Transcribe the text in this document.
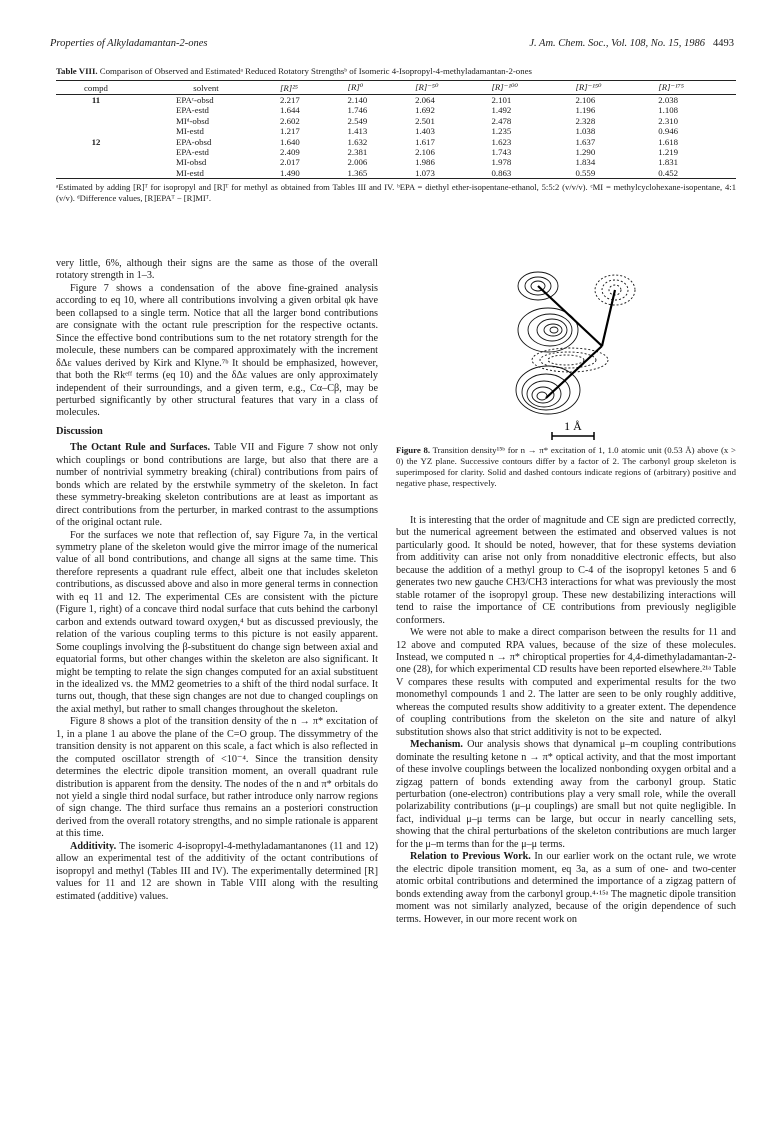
Properties of Alkyladamantan-2-ones	J. Am. Chem. Soc., Vol. 108, No. 15, 1986 4493
Table VIII. Comparison of Observed and Estimatedᵃ Reduced Rotatory Strengthsᵇ of Isomeric 4-Isopropyl-4-methyladamantan-2-ones
compd	solvent	[R]²⁵	[R]⁰	[R]⁻⁵⁰	[R]⁻¹⁰⁰	[R]⁻¹⁵⁰	[R]⁻¹⁷⁵
11	EPAᶜ-obsd	2.217	2.140	2.064	2.101	2.106	2.038
	EPA-estd	1.644	1.746	1.692	1.492	1.196	1.108
	MIᵈ-obsd	2.602	2.549	2.501	2.478	2.328	2.310
	MI-estd	1.217	1.413	1.403	1.235	1.038	0.946
12	EPA-obsd	1.640	1.632	1.617	1.623	1.637	1.618
	EPA-estd	2.409	2.381	2.106	1.743	1.290	1.219
	MI-obsd	2.017	2.006	1.986	1.978	1.834	1.831
	MI-estd	1.490	1.365	1.073	0.863	0.559	0.452
ᵃEstimated by adding [R]ᵀ for isopropyl and [R]ᵀ for methyl as obtained from Tables III and IV. ᵇEPA = diethyl ether-isopentane-ethanol, 5:5:2 (v/v/v). ᶜMI = methylcyclohexane-isopentane, 4:1 (v/v). ᵈDifference values, [R]EPAᵀ − [R]MIᵀ.

very little, 6%, although their signs are the same as those of the overall rotatory strength in 1–3.

Figure 7 shows a condensation of the above fine-grained analysis according to eq 10, where all contributions involving a given orbital φk have been collapsed to a single term. Notice that all the larger bond contributions are consignate with the octant rule prescription for the respective octants. Since the effective bond contributions sum to the net rotatory strength for the molecule, these numbers can be compared approximately with the increment δΔε values derived by Kirk and Klyne.⁷ᵇ It should be emphasized, however, that both the Rkᵉᶠᶠ terms (eq 10) and the δΔε values are only approximately independent of their surroundings, and a given term, e.g., Cα–Cβ, may be perturbed significantly by other structural features that vary in a class of molecules.

Discussion

The Octant Rule and Surfaces. Table VII and Figure 7 show not only which couplings or bond contributions are large, but also that there are a number of nontrivial symmetry breaking (chiral) contributions from pairs of bonds which are related by the erstwhile symmetry of the skeleton. In fact these symmetry-breaking skeleton contributions are at least as important as direct contributions from the perturber, in marked contrast to the assumptions of the original octant rule.

For the surfaces we note that reflection of, say Figure 7a, in the vertical symmetry plane of the skeleton would give the mirror image of the numerical value of all bond contributions, and change all signs at the same time. This therefore represents a quadrant rule effect, albeit one that includes skeleton contributions, as discussed above and also in more general terms in connection with eq 11 and 12. The experimental CEs are consistent with the picture (Figure 1, right) of a concave third nodal surface that cuts behind the carbonyl carbon and extends outward toward oxygen,⁴ but as discussed previously, the relation of the various coupling terms to this picture is not easily apparent. Some couplings involving the β-substituent do change sign between axial and equatorial forms, but other changes within the skeleton are also significant. It might be tempting to relate the sign changes computed for an axial substituent in the idealized vs. the MM2 geometries to a shift of the third nodal surface. It turns out, though, that these sign changes are not due to changed couplings on the axial methyl, but rather to small changes throughout the skeleton.

Figure 8 shows a plot of the transition density of the n → π* excitation of 1, in a plane 1 au above the plane of the C=O group. The dissymmetry of the transition density is not apparent on this scale, a fact which is also reflected in the computed oscillator strength of <10⁻⁴. Since the transition density determines the electric dipole transition moment, an overall quadrant rule distribution is apparent from the density. The nodes of the n and π* orbitals do not yield a single third nodal surface, but rather introduce only narrow regions of sign change. The third surface thus remains an a posteriori construction derived from the overall rotatory strengths, and no simple rationale is apparent at this time.

Additivity. The isomeric 4-isopropyl-4-methyladamantanones (11 and 12) allow an experimental test of the additivity of the octant contributions of isopropyl and methyl (Tables III and IV). The experimentally determined [R] values for 11 and 12 are shown in Table VIII along with the resulting estimated (additive) values.

1 Å
Figure 8. Transition density¹⁵ᵇ for n → π* excitation of 1, 1.0 atomic unit (0.53 Å) above (x > 0) the YZ plane. Successive contours differ by a factor of 2. The carbonyl group skeleton is superimposed for clarity. Solid and dashed contours indicate regions of (arbitrary) positive and negative phase, respectively.

It is interesting that the order of magnitude and CE sign are predicted correctly, but the numerical agreement between the estimated and observed values is not particularly good. It should be noted, however, that for these systems deviation from additivity can arise not only from nonadditive electronic effects, but also because the addition of a methyl group to C-4 of the isopropyl ketones 5 and 6 generates two new gauche CH3/CH3 interactions for what was previously the most stable rotamer of the isopropyl group. These new destabilizing interactions will tend to raise the importance of CE contributions from previously negligible conformers.

We were not able to make a direct comparison between the results for 11 and 12 above and computed RPA values, because of the size of these molecules. Instead, we computed n → π* chiroptical properties for 4,4-dimethyladamantan-2-one (28), for which experimental CD results have been reported elsewhere.²¹ᵃ Table V compares these results with computed and experimental results for the two monomethyl compounds 1 and 2. The latter are seen to be only roughly additive, whereas the computed results show additivity to a greater extent. The dependence of coupling contributions from the skeleton on the site and nature of alkyl substitution shows also that strict additivity is not to be expected.

Mechanism. Our analysis shows that dynamical μ–m coupling contributions dominate the resulting ketone n → π* optical activity, and that the most important of these involve couplings between the localized nonbonding oxygen orbital and a zigzag pattern of bonds extending away from the carbonyl group. Static perturbation (one-electron) contributions play a very small role, while the overall polarizability contributions (μ–μ couplings) are small but not quite negligible. In fact, individual μ–μ terms can be large, but occur in nearly cancelling sets, showing that the chiral perturbations of the skeleton contributions are much larger for the μ–m terms than for the μ–μ terms.

Relation to Previous Work. In our earlier work on the octant rule, we wrote the electric dipole transition moment, eq 3a, as a sum of one- and two-center atomic orbital contributions and determined the importance of a zigzag pattern of bonds extending away from the carbonyl group.⁴·¹⁵ᵃ The magnetic dipole transition moment was not similarly analyzed, because of the origin dependence of such terms. However, in our more recent work on
